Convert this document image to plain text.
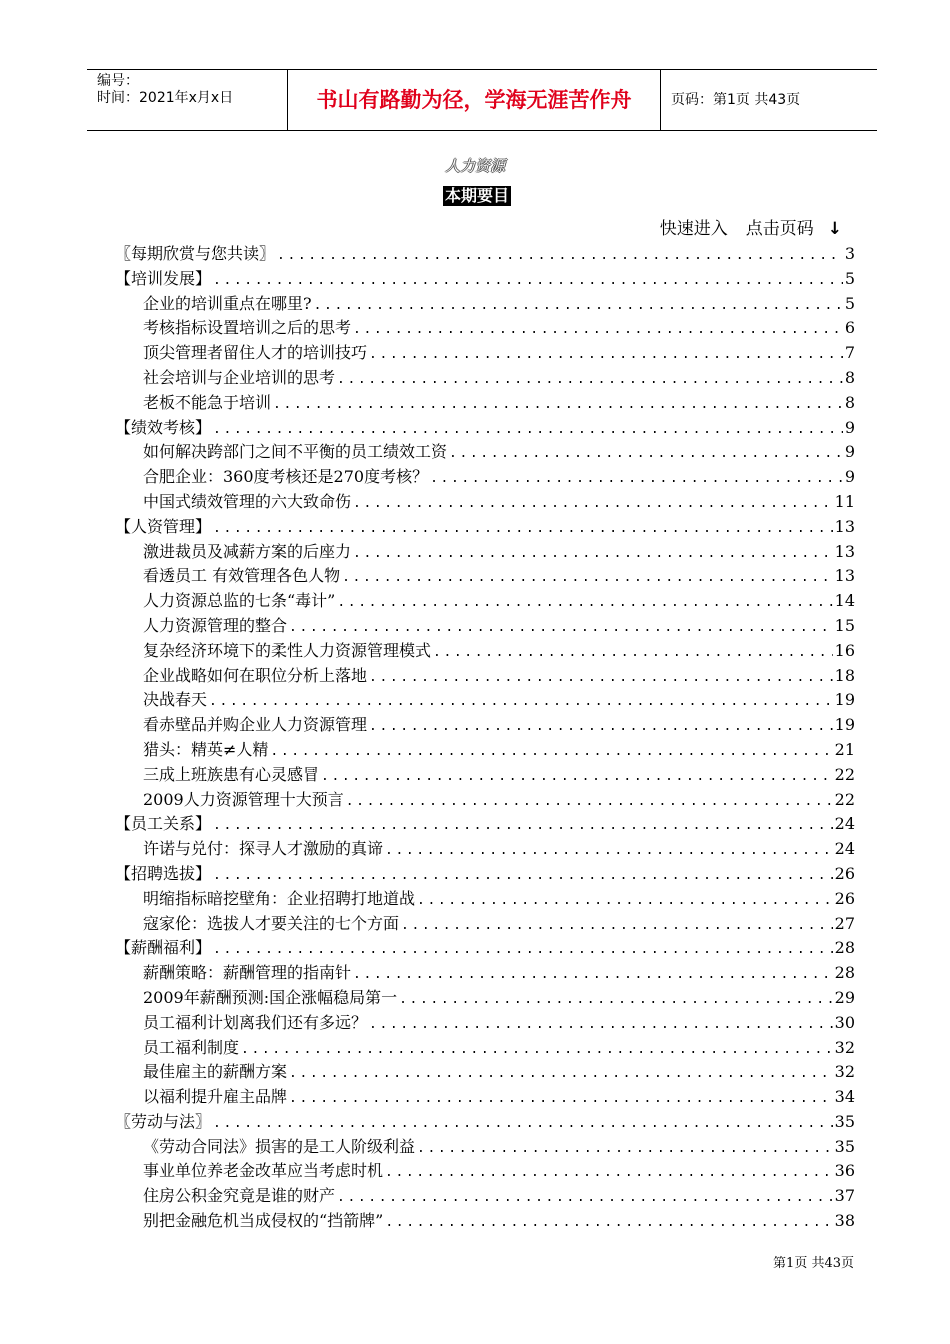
编号：
时间：2021年x月x日	书山有路勤为径，学海无涯苦作舟	页码：第1页 共43页
人力资源
本期要目
快速进入 点击页码 ↓
〖每期欣赏与您共读〗 .....	3
【培训发展】 .....	5
企业的培训重点在哪里? .....	5
考核指标设置培训之后的思考 .....	6
顶尖管理者留住人才的培训技巧 .....	7
社会培训与企业培训的思考 .....	8
老板不能急于培训 .....	8
【绩效考核】 .....	9
如何解决跨部门之间不平衡的员工绩效工资 .....	9
合肥企业：360度考核还是270度考核？ .....	9
中国式绩效管理的六大致命伤 .....	11
【人资管理】 .....	13
激进裁员及减薪方案的后座力 .....	13
看透员工 有效管理各色人物 .....	13
人力资源总监的七条“毒计” .....	14
人力资源管理的整合 .....	15
复杂经济环境下的柔性人力资源管理模式 .....	16
企业战略如何在职位分析上落地 .....	18
决战春天 .....	19
看赤壁品并购企业人力资源管理 .....	19
猎头：精英≠人精 .....	21
三成上班族患有心灵感冒 .....	22
2009人力资源管理十大预言 .....	22
【员工关系】 .....	24
许诺与兑付：探寻人才激励的真谛 .....	24
【招聘选拔】 .....	26
明缩指标暗挖壁角：企业招聘打地道战 .....	26
寇家伦：选拔人才要关注的七个方面 .....	27
【薪酬福利】 .....	28
薪酬策略：薪酬管理的指南针 .....	28
2009年薪酬预测:国企涨幅稳局第一 .....	29
员工福利计划离我们还有多远？ .....	30
员工福利制度 .....	32
最佳雇主的薪酬方案 .....	32
以福利提升雇主品牌 .....	34
〖劳动与法〗 .....	35
《劳动合同法》损害的是工人阶级利益 .....	35
事业单位养老金改革应当考虑时机 .....	36
住房公积金究竟是谁的财产 .....	37
别把金融危机当成侵权的“挡箭牌” .....	38
第1页 共43页
